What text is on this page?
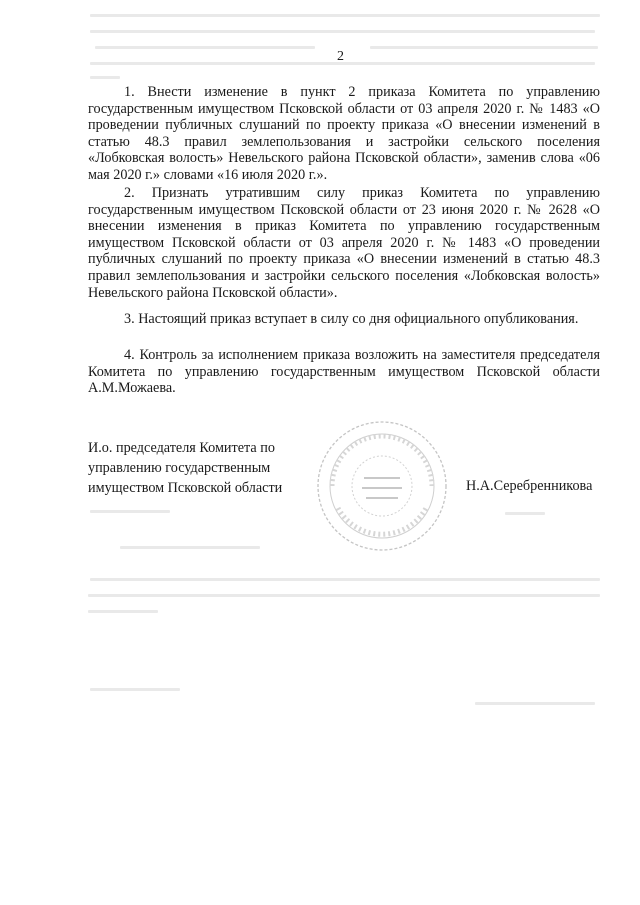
2

1. Внести изменение в пункт 2 приказа Комитета по управлению государственным имуществом Псковской области от 03 апреля 2020 г. № 1483 «О проведении публичных слушаний по проекту приказа «О внесении изменений в статью 48.3 правил землепользования и застройки сельского поселения «Лобковская волость» Невельского района Псковской области», заменив слова «06 мая 2020 г.» словами «16 июля 2020 г.».

2. Признать утратившим силу приказ Комитета по управлению государственным имуществом Псковской области от 23 июня 2020 г. № 2628 «О внесении изменения в приказ Комитета по управлению государственным имуществом Псковской области от 03 апреля 2020 г. № 1483 «О проведении публичных слушаний по проекту приказа «О внесении изменений в статью 48.3 правил землепользования и застройки сельского поселения «Лобковская волость» Невельского района Псковской области».

3. Настоящий приказ вступает в силу со дня официального опубликования.

4. Контроль за исполнением приказа возложить на заместителя председателя Комитета по управлению государственным имуществом Псковской области А.М.Можаева.

И.о. председателя Комитета по
управлению государственным
имуществом Псковской области	Н.А.Серебренникова
